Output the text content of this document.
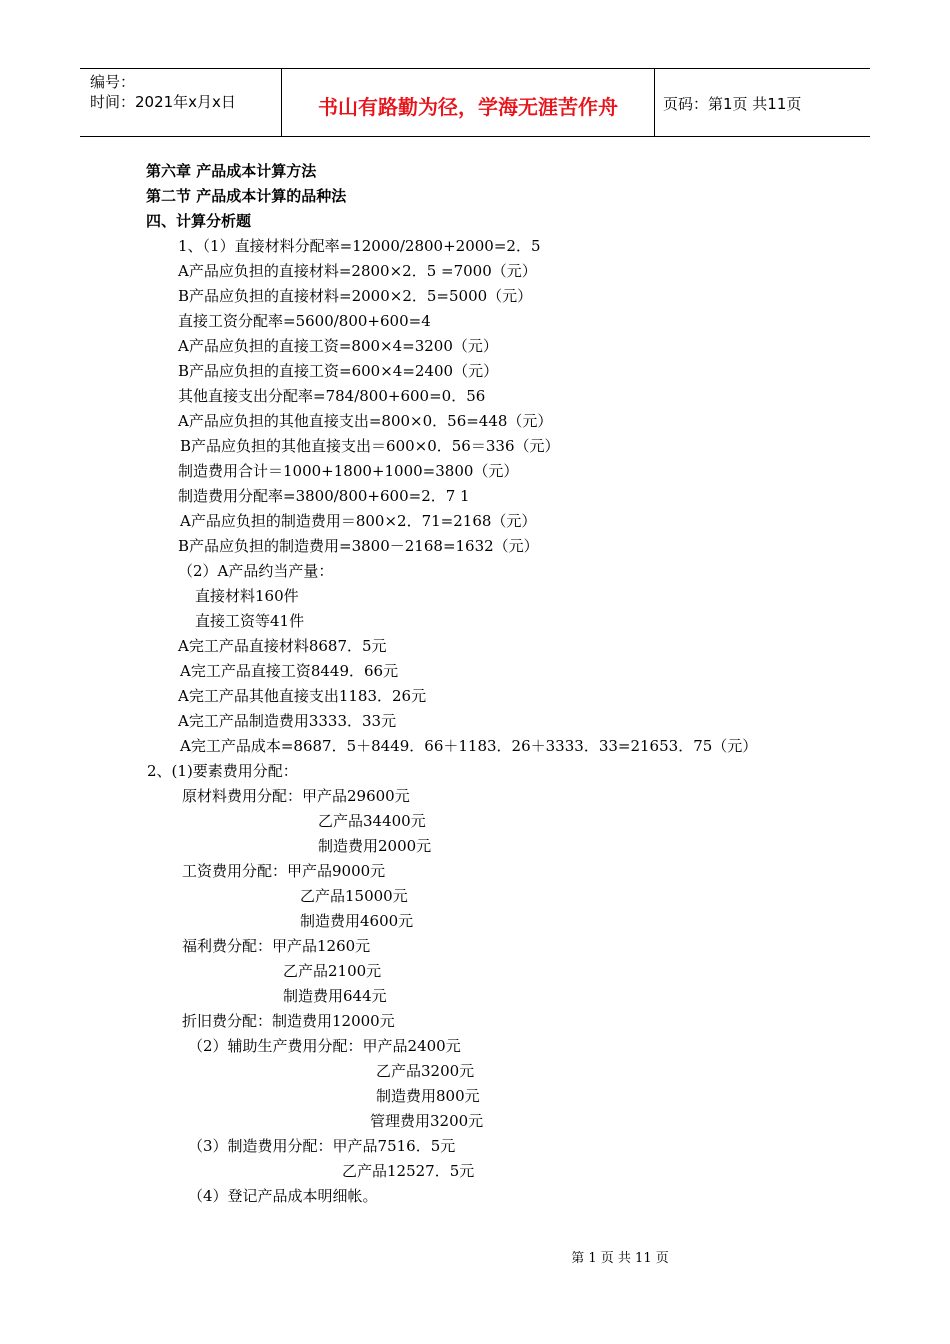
编号：
时间：2021年x月x日	书山有路勤为径，学海无涯苦作舟	页码：第1页 共11页
第六章 产品成本计算方法
第二节 产品成本计算的品种法
四、计算分析题
1、（1）直接材料分配率=12000/2800+2000=2．5
A产品应负担的直接材料=2800×2．5 =7000（元）
B产品应负担的直接材料=2000×2．5=5000（元）
直接工资分配率=5600/800+600=4
A产品应负担的直接工资=800×4=3200（元）
B产品应负担的直接工资=600×4=2400（元）
其他直接支出分配率=784/800+600=0．56
A产品应负担的其他直接支出=800×0．56=448（元）
B产品应负担的其他直接支出＝600×0．56＝336（元）
制造费用合计＝1000+1800+1000=3800（元）
制造费用分配率=3800/800+600=2．7 1
A产品应负担的制造费用＝800×2．71=2168（元）
B产品应负担的制造费用=3800－2168=1632（元）
（2）A产品约当产量：
直接材料160件
直接工资等41件
A完工产品直接材料8687．5元
A完工产品直接工资8449．66元
A完工产品其他直接支出1183．26元
A完工产品制造费用3333．33元
A完工产品成本=8687．5＋8449．66＋1183．26＋3333．33=21653．75（元）
2、(1)要素费用分配：
原材料费用分配：甲产品29600元
乙产品34400元
制造费用2000元
工资费用分配：甲产品9000元
乙产品15000元
制造费用4600元
福利费分配：甲产品1260元
乙产品2100元
制造费用644元
折旧费分配：制造费用12000元
（2）辅助生产费用分配：甲产品2400元
乙产品3200元
制造费用800元
管理费用3200元
（3）制造费用分配：甲产品7516．5元
乙产品12527．5元
（4）登记产品成本明细帐。
第 1 页 共 11 页
